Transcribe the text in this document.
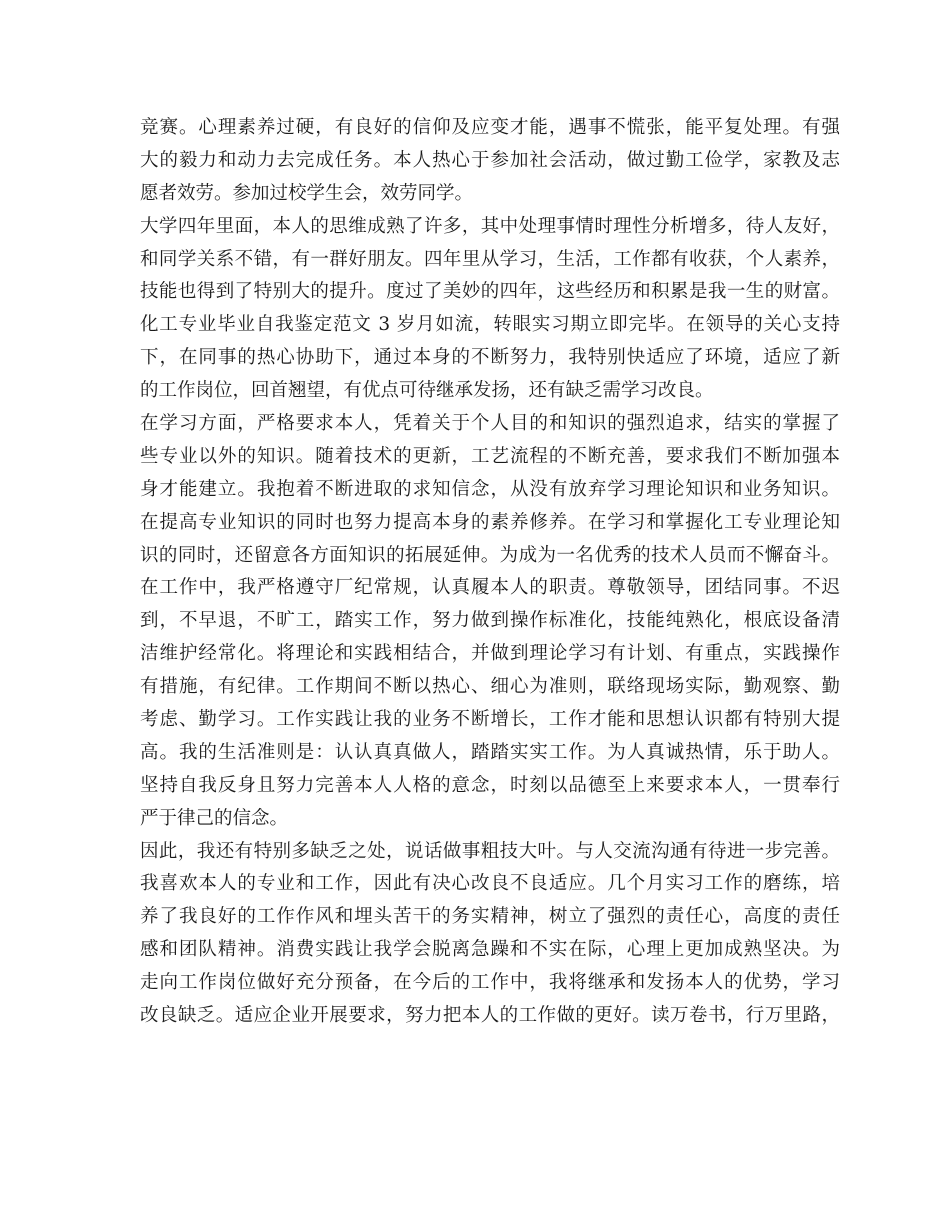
竞赛。心理素养过硬，有良好的信仰及应变才能，遇事不慌张，能平复处理。有强
大的毅力和动力去完成任务。本人热心于参加社会活动，做过勤工俭学，家教及志
愿者效劳。参加过校学生会，效劳同学。
大学四年里面，本人的思维成熟了许多，其中处理事情时理性分析增多，待人友好，
和同学关系不错，有一群好朋友。四年里从学习，生活，工作都有收获，个人素养，
技能也得到了特别大的提升。度过了美妙的四年，这些经历和积累是我一生的财富。
化工专业毕业自我鉴定范文 3 岁月如流，转眼实习期立即完毕。在领导的关心支持
下，在同事的热心协助下，通过本身的不断努力，我特别快适应了环境，适应了新
的工作岗位，回首翘望，有优点可待继承发扬，还有缺乏需学习改良。
在学习方面，严格要求本人，凭着关于个人目的和知识的强烈追求，结实的掌握了
些专业以外的知识。随着技术的更新，工艺流程的不断充善，要求我们不断加强本
身才能建立。我抱着不断进取的求知信念，从没有放弃学习理论知识和业务知识。
在提高专业知识的同时也努力提高本身的素养修养。在学习和掌握化工专业理论知
识的同时，还留意各方面知识的拓展延伸。为成为一名优秀的技术人员而不懈奋斗。
在工作中，我严格遵守厂纪常规，认真履本人的职责。尊敬领导，团结同事。不迟
到，不早退，不旷工，踏实工作，努力做到操作标准化，技能纯熟化，根底设备清
洁维护经常化。将理论和实践相结合，并做到理论学习有计划、有重点，实践操作
有措施，有纪律。工作期间不断以热心、细心为准则，联络现场实际，勤观察、勤
考虑、勤学习。工作实践让我的业务不断增长，工作才能和思想认识都有特别大提
高。我的生活准则是：认认真真做人，踏踏实实工作。为人真诚热情，乐于助人。
坚持自我反身且努力完善本人人格的意念，时刻以品德至上来要求本人，一贯奉行
严于律己的信念。
因此，我还有特别多缺乏之处，说话做事粗技大叶。与人交流沟通有待进一步完善。
我喜欢本人的专业和工作，因此有决心改良不良适应。几个月实习工作的磨练，培
养了我良好的工作作风和埋头苦干的务实精神，树立了强烈的责任心，高度的责任
感和团队精神。消费实践让我学会脱离急躁和不实在际，心理上更加成熟坚决。为
走向工作岗位做好充分预备，在今后的工作中，我将继承和发扬本人的优势，学习
改良缺乏。适应企业开展要求，努力把本人的工作做的更好。读万卷书，行万里路，
